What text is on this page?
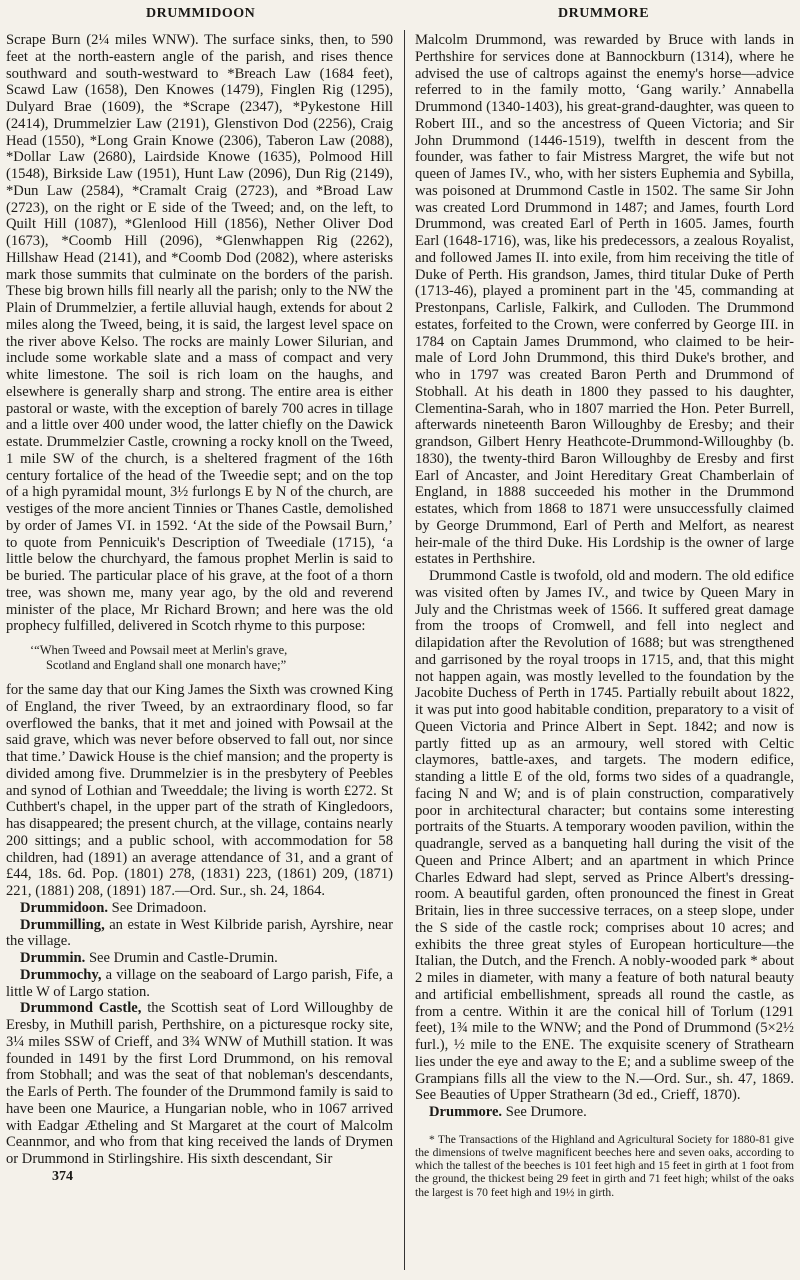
DRUMMIDOON	DRUMMORE

Scrape Burn (2¼ miles WNW). The surface sinks, then, to 590 feet at the north-eastern angle of the parish, and rises thence southward and south-westward to *Breach Law (1684 feet), Scawd Law (1658), Den Knowes (1479), Finglen Rig (1295), Dulyard Brae (1609), the *Scrape (2347), *Pykestone Hill (2414), Drummelzier Law (2191), Glenstivon Dod (2256), Craig Head (1550), *Long Grain Knowe (2306), Taberon Law (2088), *Dollar Law (2680), Lairdside Knowe (1635), Polmood Hill (1548), Birkside Law (1951), Hunt Law (2096), Dun Rig (2149), *Dun Law (2584), *Cramalt Craig (2723), and *Broad Law (2723), on the right or E side of the Tweed; and, on the left, to Quilt Hill (1087), *Glenlood Hill (1856), Nether Oliver Dod (1673), *Coomb Hill (2096), *Glenwhappen Rig (2262), Hillshaw Head (2141), and *Coomb Dod (2082), where asterisks mark those summits that culminate on the borders of the parish. These big brown hills fill nearly all the parish; only to the NW the Plain of Drummelzier, a fertile alluvial haugh, extends for about 2 miles along the Tweed, being, it is said, the largest level space on the river above Kelso. The rocks are mainly Lower Silurian, and include some workable slate and a mass of compact and very white limestone. The soil is rich loam on the haughs, and elsewhere is generally sharp and strong. The entire area is either pastoral or waste, with the exception of barely 700 acres in tillage and a little over 400 under wood, the latter chiefly on the Dawick estate. Drummelzier Castle, crowning a rocky knoll on the Tweed, 1 mile SW of the church, is a sheltered fragment of the 16th century fortalice of the head of the Tweedie sept; and on the top of a high pyramidal mount, 3½ furlongs E by N of the church, are vestiges of the more ancient Tinnies or Thanes Castle, demolished by order of James VI. in 1592. ‘At the side of the Powsail Burn,’ to quote from Pennicuik's Description of Tweediale (1715), ‘a little below the churchyard, the famous prophet Merlin is said to be buried. The particular place of his grave, at the foot of a thorn tree, was shown me, many year ago, by the old and reverend minister of the place, Mr Richard Brown; and here was the old prophecy fulfilled, delivered in Scotch rhyme to this purpose:

‘“When Tweed and Powsail meet at Merlin's grave,
Scotland and England shall one monarch have;”

for the same day that our King James the Sixth was crowned King of England, the river Tweed, by an extraordinary flood, so far overflowed the banks, that it met and joined with Powsail at the said grave, which was never before observed to fall out, nor since that time.’ Dawick House is the chief mansion; and the property is divided among five. Drummelzier is in the presbytery of Peebles and synod of Lothian and Tweeddale; the living is worth £272. St Cuthbert's chapel, in the upper part of the strath of Kingledoors, has disappeared; the present church, at the village, contains nearly 200 sittings; and a public school, with accommodation for 58 children, had (1891) an average attendance of 31, and a grant of £44, 18s. 6d. Pop. (1801) 278, (1831) 223, (1861) 209, (1871) 221, (1881) 208, (1891) 187.—Ord. Sur., sh. 24, 1864.

Drummidoon. See Drimadoon.

Drummilling, an estate in West Kilbride parish, Ayrshire, near the village.

Drummin. See Drumin and Castle-Drumin.

Drummochy, a village on the seaboard of Largo parish, Fife, a little W of Largo station.

Drummond Castle, the Scottish seat of Lord Willoughby de Eresby, in Muthill parish, Perthshire, on a picturesque rocky site, 3¼ miles SSW of Crieff, and 3¾ WNW of Muthill station. It was founded in 1491 by the first Lord Drummond, on his removal from Stobhall; and was the seat of that nobleman's descendants, the Earls of Perth. The founder of the Drummond family is said to have been one Maurice, a Hungarian noble, who in 1067 arrived with Eadgar Ætheling and St Margaret at the court of Malcolm Ceannmor, and who from that king received the lands of Drymen or Drummond in Stirlingshire. His sixth descendant, Sir

374

Malcolm Drummond, was rewarded by Bruce with lands in Perthshire for services done at Bannockburn (1314), where he advised the use of caltrops against the enemy's horse—advice referred to in the family motto, ‘Gang warily.’ Annabella Drummond (1340-1403), his great-grand-daughter, was queen to Robert III., and so the ancestress of Queen Victoria; and Sir John Drummond (1446-1519), twelfth in descent from the founder, was father to fair Mistress Margret, the wife but not queen of James IV., who, with her sisters Euphemia and Sybilla, was poisoned at Drummond Castle in 1502. The same Sir John was created Lord Drummond in 1487; and James, fourth Lord Drummond, was created Earl of Perth in 1605. James, fourth Earl (1648-1716), was, like his predecessors, a zealous Royalist, and followed James II. into exile, from him receiving the title of Duke of Perth. His grandson, James, third titular Duke of Perth (1713-46), played a prominent part in the '45, commanding at Prestonpans, Carlisle, Falkirk, and Culloden. The Drummond estates, forfeited to the Crown, were conferred by George III. in 1784 on Captain James Drummond, who claimed to be heir-male of Lord John Drummond, this third Duke's brother, and who in 1797 was created Baron Perth and Drummond of Stobhall. At his death in 1800 they passed to his daughter, Clementina-Sarah, who in 1807 married the Hon. Peter Burrell, afterwards nineteenth Baron Willoughby de Eresby; and their grandson, Gilbert Henry Heathcote-Drummond-Willoughby (b. 1830), the twenty-third Baron Willoughby de Eresby and first Earl of Ancaster, and Joint Hereditary Great Chamberlain of England, in 1888 succeeded his mother in the Drummond estates, which from 1868 to 1871 were unsuccessfully claimed by George Drummond, Earl of Perth and Melfort, as nearest heir-male of the third Duke. His Lordship is the owner of large estates in Perthshire.

Drummond Castle is twofold, old and modern. The old edifice was visited often by James IV., and twice by Queen Mary in July and the Christmas week of 1566. It suffered great damage from the troops of Cromwell, and fell into neglect and dilapidation after the Revolution of 1688; but was strengthened and garrisoned by the royal troops in 1715, and, that this might not happen again, was mostly levelled to the foundation by the Jacobite Duchess of Perth in 1745. Partially rebuilt about 1822, it was put into good habitable condition, preparatory to a visit of Queen Victoria and Prince Albert in Sept. 1842; and now is partly fitted up as an armoury, well stored with Celtic claymores, battle-axes, and targets. The modern edifice, standing a little E of the old, forms two sides of a quadrangle, facing N and W; and is of plain construction, comparatively poor in architectural character; but contains some interesting portraits of the Stuarts. A temporary wooden pavilion, within the quadrangle, served as a banqueting hall during the visit of the Queen and Prince Albert; and an apartment in which Prince Charles Edward had slept, served as Prince Albert's dressing-room. A beautiful garden, often pronounced the finest in Great Britain, lies in three successive terraces, on a steep slope, under the S side of the castle rock; comprises about 10 acres; and exhibits the three great styles of European horticulture—the Italian, the Dutch, and the French. A nobly-wooded park * about 2 miles in diameter, with many a feature of both natural beauty and artificial embellishment, spreads all round the castle, as from a centre. Within it are the conical hill of Torlum (1291 feet), 1¾ mile to the WNW; and the Pond of Drummond (5×2½ furl.), ½ mile to the ENE. The exquisite scenery of Strathearn lies under the eye and away to the E; and a sublime sweep of the Grampians fills all the view to the N.—Ord. Sur., sh. 47, 1869. See Beauties of Upper Strathearn (3d ed., Crieff, 1870).

Drummore. See Drumore.

* The Transactions of the Highland and Agricultural Society for 1880-81 give the dimensions of twelve magnificent beeches here and seven oaks, according to which the tallest of the beeches is 101 feet high and 15 feet in girth at 1 foot from the ground, the thickest being 29 feet in girth and 71 feet high; whilst of the oaks the largest is 70 feet high and 19½ in girth.
